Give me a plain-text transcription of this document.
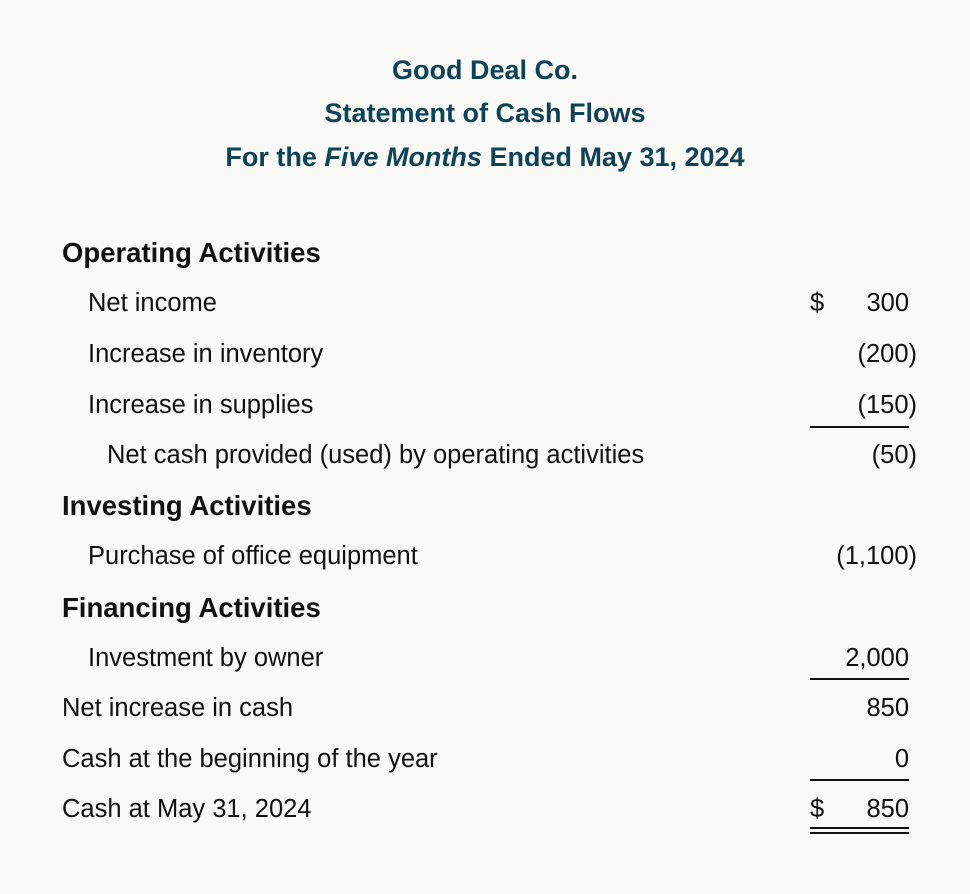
Good Deal Co.
Statement of Cash Flows
For the Five Months Ended May 31, 2024
Operating Activities
Net income	$ 300
Increase in inventory	(200)
Increase in supplies	(150)
Net cash provided (used) by operating activities	(50)
Investing Activities
Purchase of office equipment	(1,100)
Financing Activities
Investment by owner	2,000
Net increase in cash	850
Cash at the beginning of the year	0
Cash at May 31, 2024	$ 850
